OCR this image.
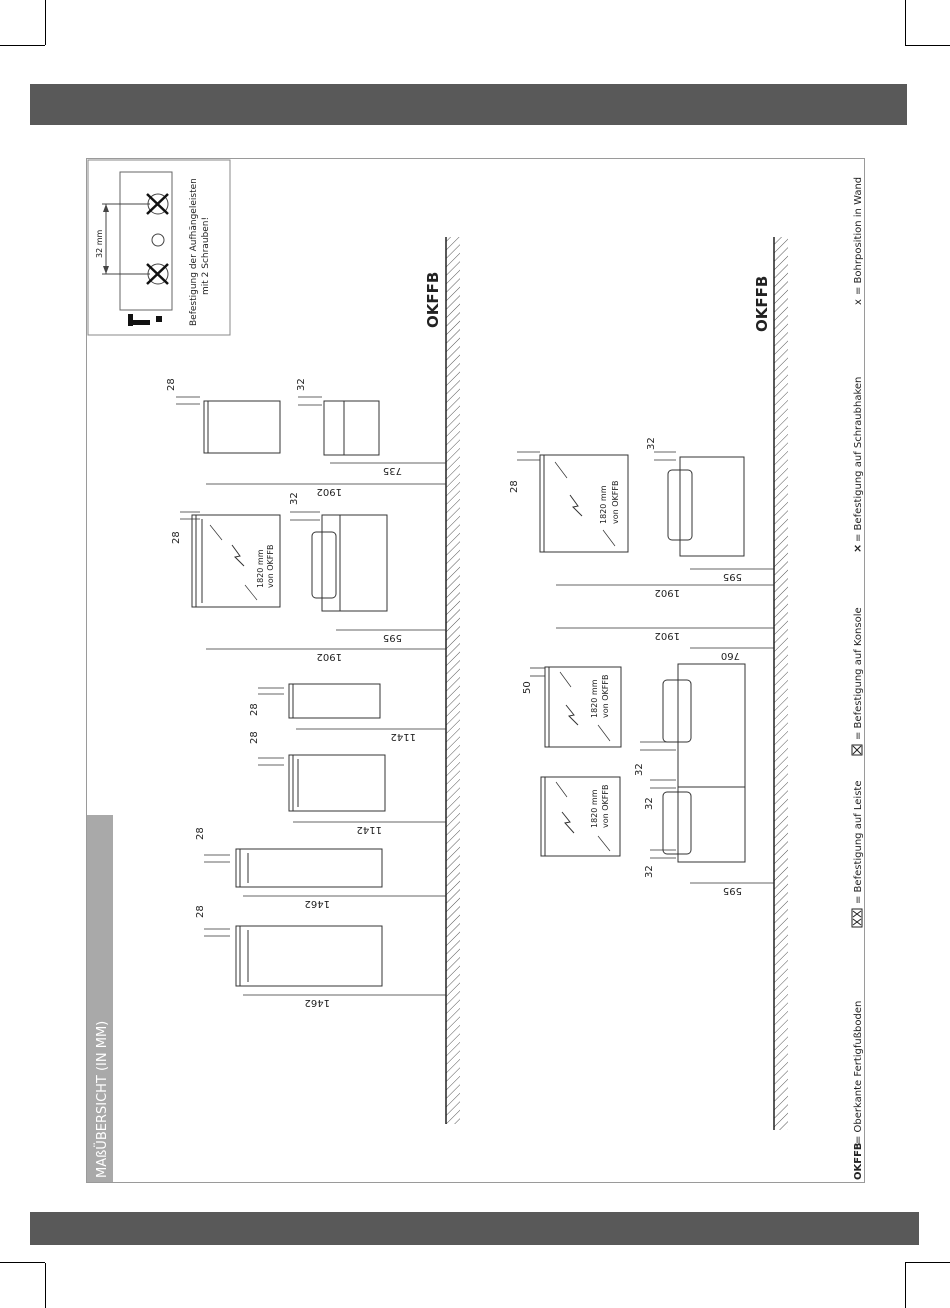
MAßÜBERSICHT (IN MM)
OKFFB	OKFFB
32 mm	Befestigung der Aufhängeleisten mit 2 Schrauben!
1462
1462
1142
1142
1902
595
1902
735
28
28
28
28
28
32
28	32
1820 mm von OKFFB	595
1902
1902
760
595
28
32
50
32
32
32
1820 mm von OKFFB
1820 mm von OKFFB
1820 mm von OKFFB
OKFFB
= Oberkante Fertigfußboden
= Befestigung auf Leiste
= Befestigung auf Konsole
×
= Befestigung auf Schraubhaken
x
= Bohrposition in Wand
